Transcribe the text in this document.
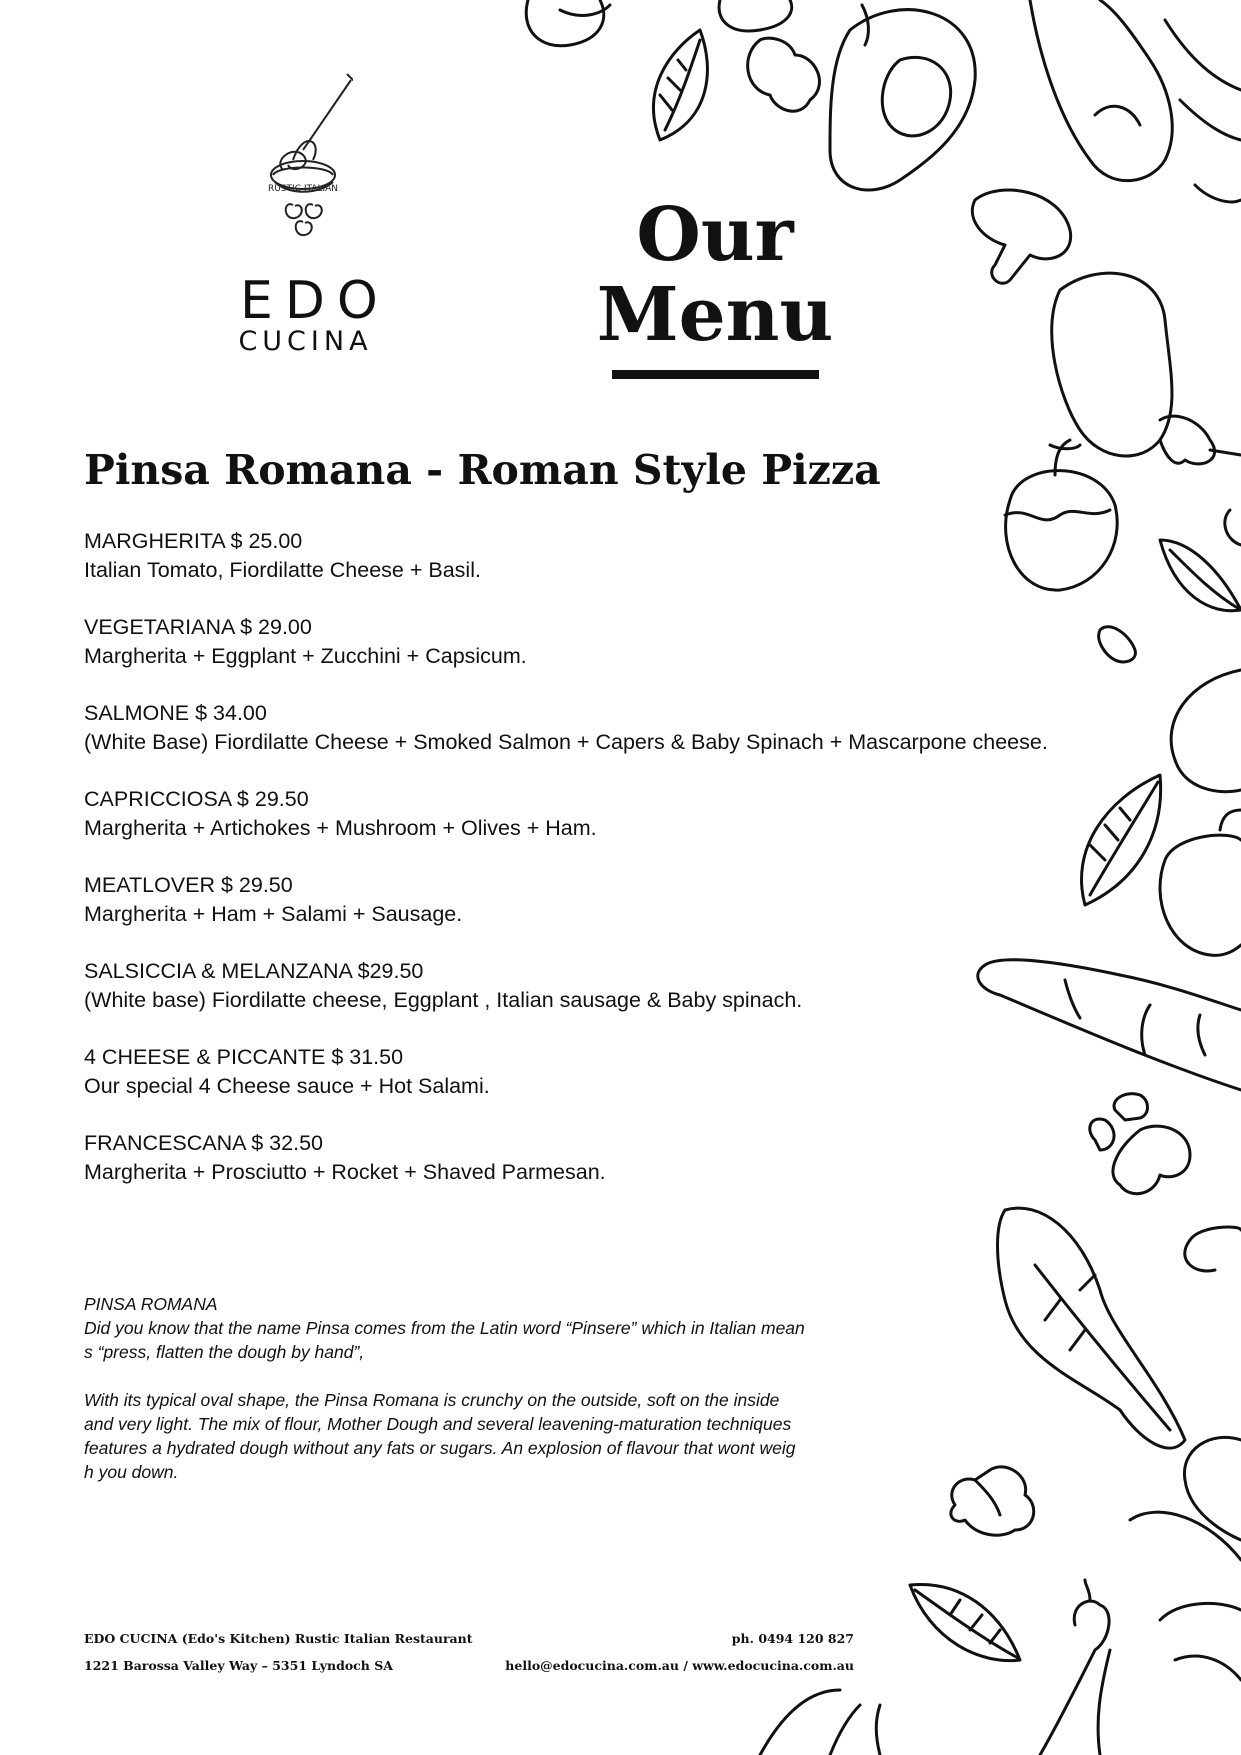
RUSTIC ITALIAN
EDO
CUCINA
Our
Menu
Pinsa Romana - Roman Style Pizza
MARGHERITA $ 25.00
Italian Tomato, Fiordilatte Cheese + Basil.
VEGETARIANA $ 29.00
Margherita + Eggplant + Zucchini + Capsicum.
SALMONE $ 34.00
(White Base) Fiordilatte Cheese + Smoked Salmon + Capers & Baby Spinach + Mascarpone cheese.
CAPRICCIOSA $ 29.50
Margherita + Artichokes + Mushroom + Olives + Ham.
MEATLOVER $ 29.50
Margherita + Ham + Salami + Sausage.
SALSICCIA & MELANZANA $29.50
(White base) Fiordilatte cheese, Eggplant , Italian sausage & Baby spinach.
4 CHEESE & PICCANTE $ 31.50
Our special 4 Cheese sauce + Hot Salami.
FRANCESCANA $ 32.50
Margherita + Prosciutto + Rocket + Shaved Parmesan.

PINSA ROMANA

Did you know that the name Pinsa comes from the Latin word “Pinsere” which in Italian mean
s “press, flatten the dough by hand”,

With its typical oval shape, the Pinsa Romana is crunchy on the outside, soft on the inside
and very light. The mix of flour, Mother Dough and several leavening-maturation techniques
features a hydrated dough without any fats or sugars. An explosion of flavour that wont weig
h you down.

EDO CUCINA (Edo's Kitchen) Rustic Italian Restaurant
1221 Barossa Valley Way – 5351 Lyndoch SA
ph. 0494 120 827
hello@edocucina.com.au / www.edocucina.com.au
